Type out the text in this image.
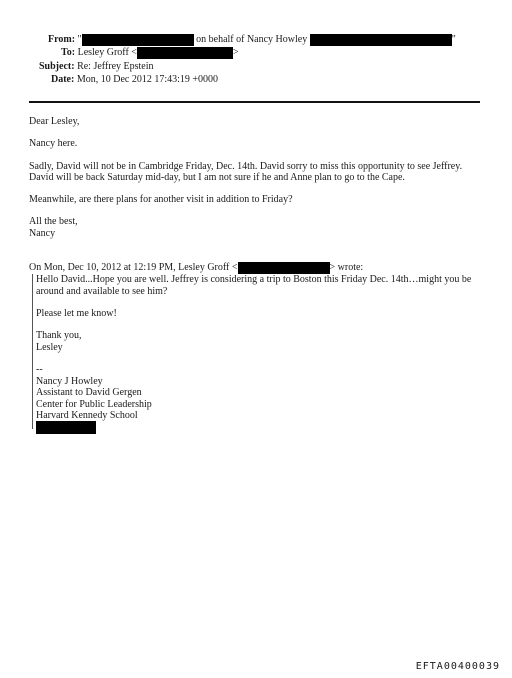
From: "	on behalf of Nancy Howley	"
To: Lesley Groff <	>
Subject: Re: Jeffrey Epstein
Date: Mon, 10 Dec 2012 17:43:19 +0000
Dear Lesley,
Nancy here.
Sadly, David will not be in Cambridge Friday, Dec. 14th. David sorry to miss this opportunity to see Jeffrey.
David will be back Saturday mid-day, but I am not sure if he and Anne plan to go to the Cape.
Meanwhile, are there plans for another visit in addition to Friday?
All the best,
Nancy
On Mon, Dec 10, 2012 at 12:19 PM, Lesley Groff <	> wrote:
Hello David...Hope you are well. Jeffrey is considering a trip to Boston this Friday Dec. 14th…might you be
around and available to see him?
Please let me know!
Thank you,
Lesley
--
Nancy J Howley
Assistant to David Gergen
Center for Public Leadership
Harvard Kennedy School
EFTA00400039
